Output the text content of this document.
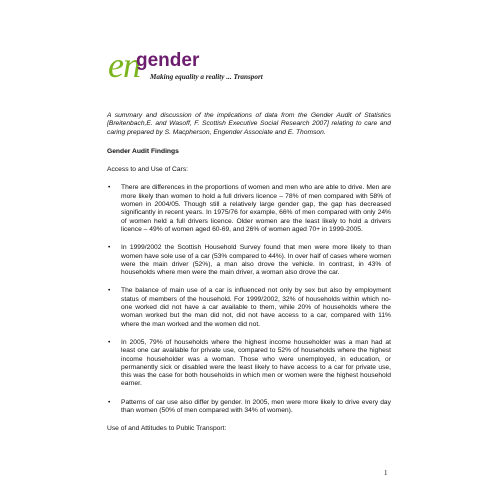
en
gender
Making equality a reality ... Transport

A summary and discussion of the implications of data from the Gender Audit of Statistics [Breitenbach,E. and Wasoff, F. Scottish Executive Social Research 2007] relating to care and caring prepared by S. Macpherson, Engender Associate and E. Thomson.

Gender Audit Findings

Access to and Use of Cars:

• There are differences in the proportions of women and men who are able to drive. Men are more likely than women to hold a full drivers licence – 78% of men compared with 58% of women in 2004/05. Though still a relatively large gender gap, the gap has decreased significantly in recent years. In 1975/76 for example, 66% of men compared with only 24% of women held a full drivers licence. Older women are the least likely to hold a drivers licence – 49% of women aged 60-69, and 26% of women aged 70+ in 1999-2005.
• In 1999/2002 the Scottish Household Survey found that men were more likely to than women have sole use of a car (53% compared to 44%). In over half of cases where women were the main driver (52%), a man also drove the vehicle. In contrast, in 43% of households where men were the main driver, a woman also drove the car.
• The balance of main use of a car is influenced not only by sex but also by employment status of members of the household. For 1999/2002, 32% of households within which no-one worked did not have a car available to them, while 20% of households where the woman worked but the man did not, did not have access to a car, compared with 11% where the man worked and the women did not.
• In 2005, 79% of households where the highest income householder was a man had at least one car available for private use, compared to 52% of households where the highest income householder was a woman. Those who were unemployed, in education, or permanently sick or disabled were the least likely to have access to a car for private use, this was the case for both households in which men or women were the highest household earner.
• Patterns of car use also differ by gender. In 2005, men were more likely to drive every day than women (50% of men compared with 34% of women).

Use of and Attitudes to Public Transport:

1
